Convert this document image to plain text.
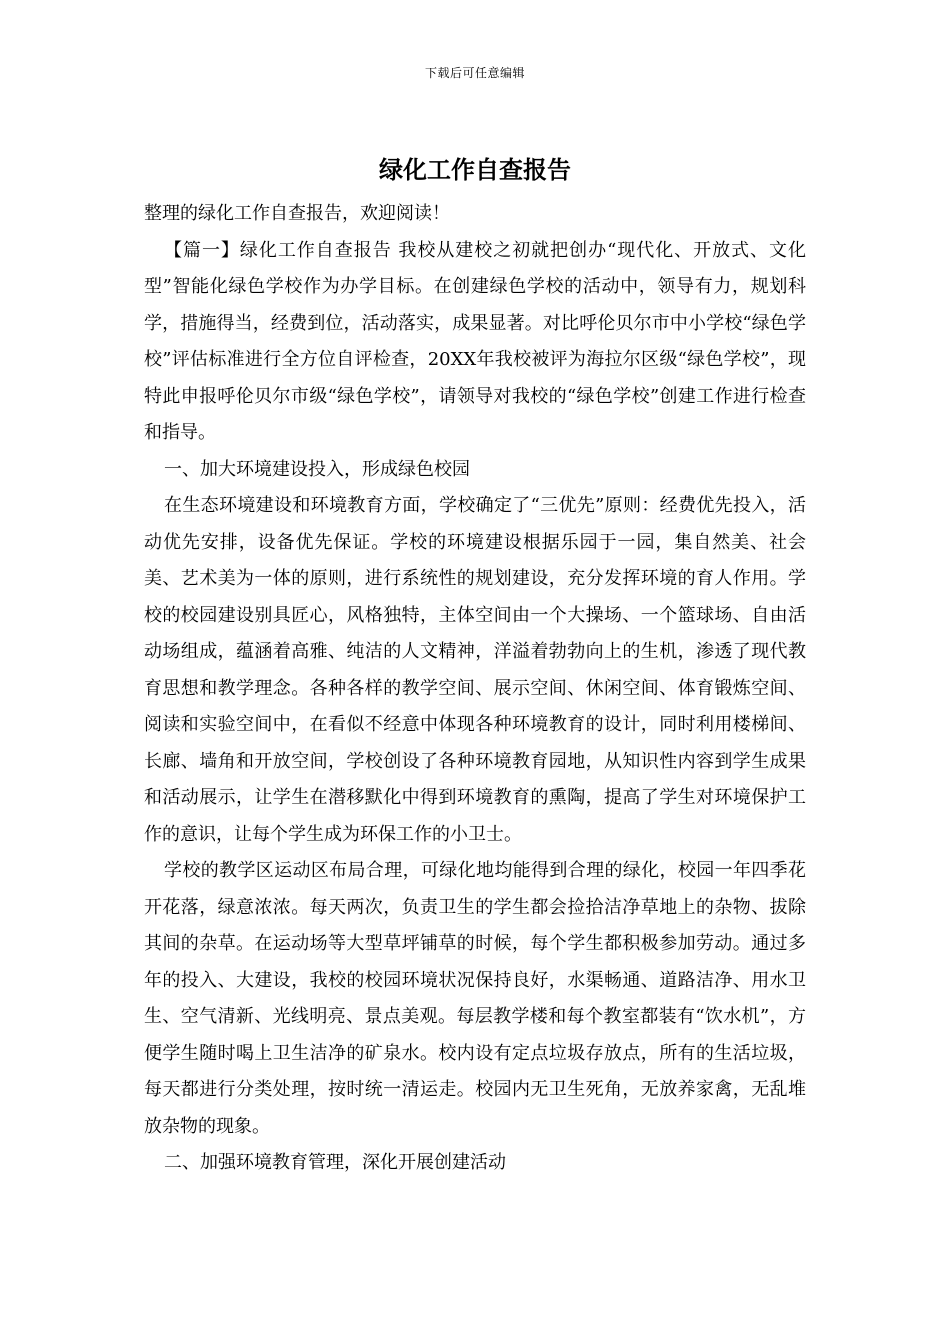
下载后可任意编辑
绿化工作自查报告

整理的绿化工作自查报告，欢迎阅读！

【篇一】绿化工作自查报告 我校从建校之初就把创办“现代化、开放式、文化型”智能化绿色学校作为办学目标。在创建绿色学校的活动中，领导有力，规划科学，措施得当，经费到位，活动落实，成果显著。对比呼伦贝尔市中小学校“绿色学校”评估标准进行全方位自评检查，20XX年我校被评为海拉尔区级“绿色学校”，现特此申报呼伦贝尔市级“绿色学校”，请领导对我校的“绿色学校”创建工作进行检查和指导。

一、加大环境建设投入，形成绿色校园

在生态环境建设和环境教育方面，学校确定了“三优先”原则：经费优先投入，活动优先安排，设备优先保证。学校的环境建设根据乐园于一园，集自然美、社会美、艺术美为一体的原则，进行系统性的规划建设，充分发挥环境的育人作用。学校的校园建设别具匠心，风格独特，主体空间由一个大操场、一个篮球场、自由活动场组成，蕴涵着高雅、纯洁的人文精神，洋溢着勃勃向上的生机，渗透了现代教育思想和教学理念。各种各样的教学空间、展示空间、休闲空间、体育锻炼空间、阅读和实验空间中，在看似不经意中体现各种环境教育的设计，同时利用楼梯间、长廊、墙角和开放空间，学校创设了各种环境教育园地，从知识性内容到学生成果和活动展示，让学生在潜移默化中得到环境教育的熏陶，提高了学生对环境保护工作的意识，让每个学生成为环保工作的小卫士。

学校的教学区运动区布局合理，可绿化地均能得到合理的绿化，校园一年四季花开花落，绿意浓浓。每天两次，负责卫生的学生都会捡拾洁净草地上的杂物、拔除其间的杂草。在运动场等大型草坪铺草的时候，每个学生都积极参加劳动。通过多年的投入、大建设，我校的校园环境状况保持良好，水渠畅通、道路洁净、用水卫生、空气清新、光线明亮、景点美观。每层教学楼和每个教室都装有“饮水机”，方便学生随时喝上卫生洁净的矿泉水。校内设有定点垃圾存放点，所有的生活垃圾，每天都进行分类处理，按时统一清运走。校园内无卫生死角，无放养家禽，无乱堆放杂物的现象。

二、加强环境教育管理，深化开展创建活动
